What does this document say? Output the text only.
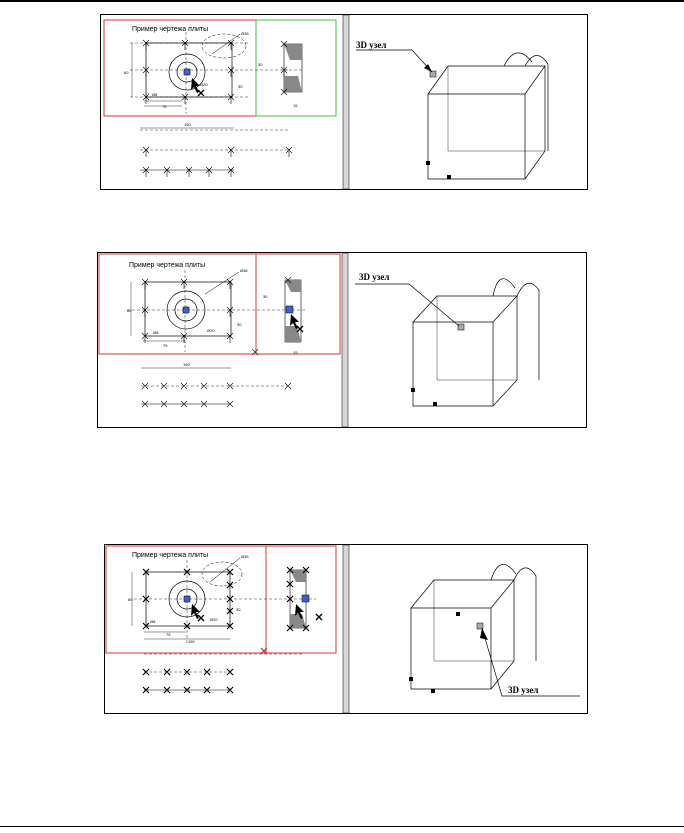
Пример чертежа плиты
Ø36
Ø20
Ø8
75
60
30
15
30
150
3D узел
Пример чертежа плиты
Ø36
Ø20
Ø8
75
60
30
15
30
150
3D узел
Пример чертежа плиты	Ø36
Ø20
Ø8
75
150
60
30
3D узел
